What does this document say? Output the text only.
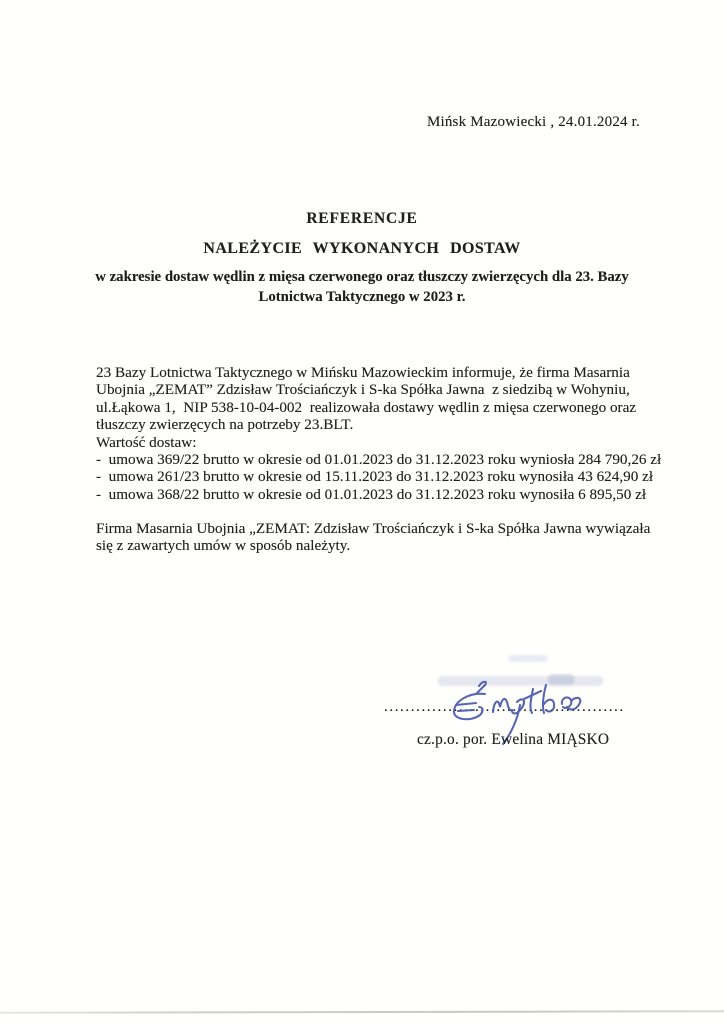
Mińsk Mazowiecki , 24.01.2024 r.
REFERENCJE
NALEŻYCIE  WYKONANYCH  DOSTAW
w zakresie dostaw wędlin z mięsa czerwonego oraz tłuszczy zwierzęcych dla 23. Bazy
Lotnictwa Taktycznego w 2023 r.
23 Bazy Lotnictwa Taktycznego w Mińsku Mazowieckim informuje, że firma Masarnia
Ubojnia „ZEMAT” Zdzisław Trościańczyk i S-ka Spółka Jawna  z siedzibą w Wohyniu,
ul.Łąkowa 1,  NIP 538-10-04-002  realizowała dostawy wędlin z mięsa czerwonego oraz
tłuszczy zwierzęcych na potrzeby 23.BLT.
Wartość dostaw:
-  umowa 369/22 brutto w okresie od 01.01.2023 do 31.12.2023 roku wyniosła 284 790,26 zł
-  umowa 261/23 brutto w okresie od 15.11.2023 do 31.12.2023 roku wynosiła 43 624,90 zł
-  umowa 368/22 brutto w okresie od 01.01.2023 do 31.12.2023 roku wynosiła 6 895,50 zł
Firma Masarnia Ubojnia „ZEMAT: Zdzisław Trościańczyk i S-ka Spółka Jawna wywiązała
się z zawartych umów w sposób należyty.
.............................................
cz.p.o. por. Ewelina MIĄSKO
